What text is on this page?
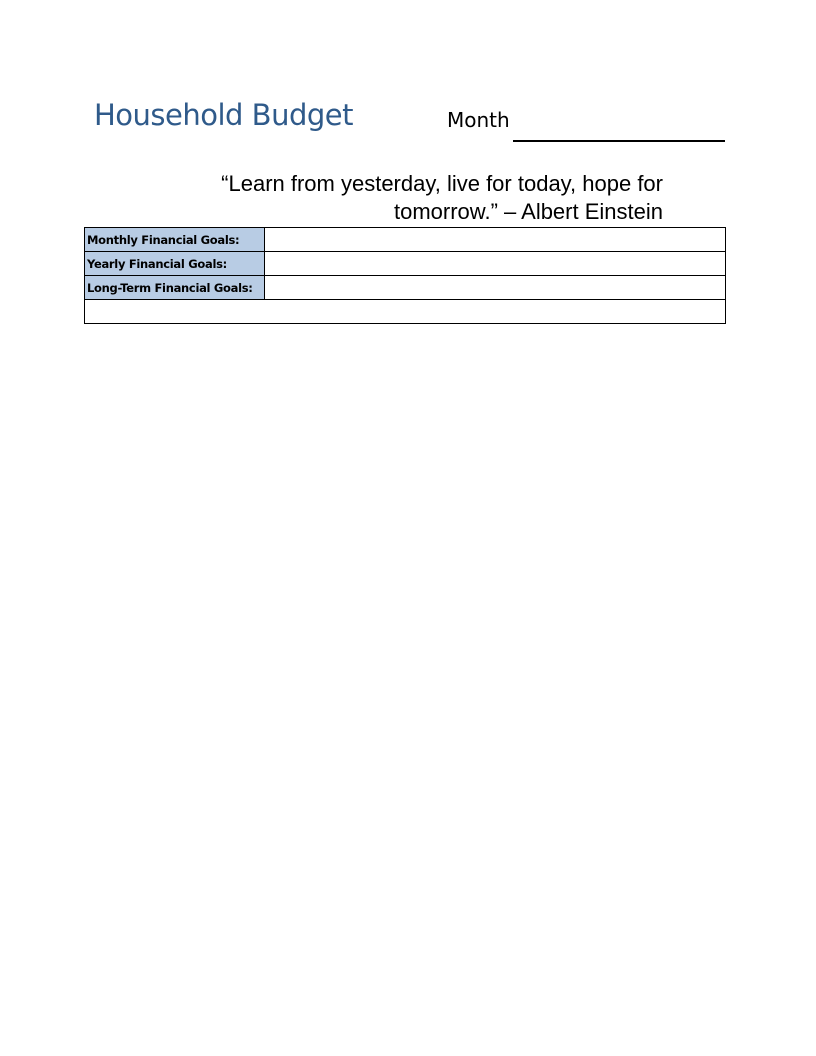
Household Budget	Month
“Learn from yesterday, live for today, hope for
tomorrow.” – Albert Einstein
Monthly Financial Goals:	
Yearly Financial Goals:	
Long-Term Financial Goals:	
